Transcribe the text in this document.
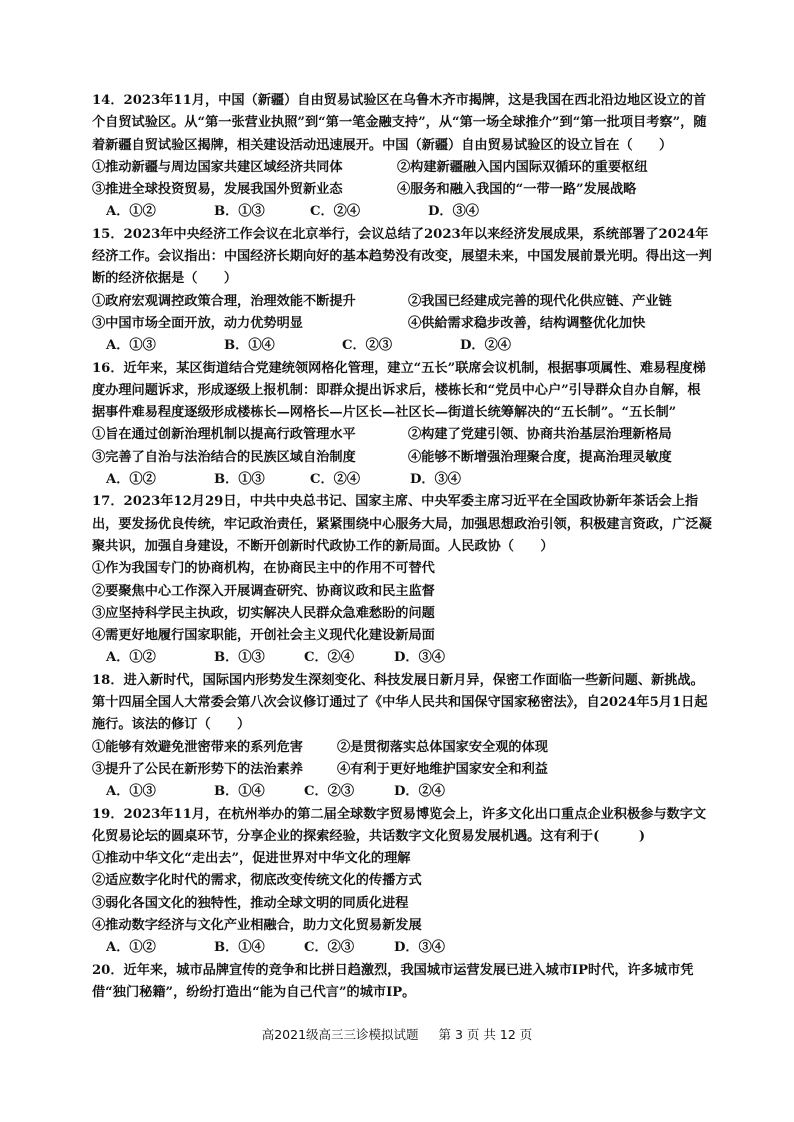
14．2023年11月，中国（新疆）自由贸易试验区在乌鲁木齐市揭牌，这是我国在西北沿边地区设立的首个自贸试验区。从“第一张营业执照”到“第一笔金融支持”，从“第一场全球推介”到“第一批项目考察”，随着新疆自贸试验区揭牌，相关建设活动迅速展开。中国（新疆）自由贸易试验区的设立旨在（　　）

①推动新疆与周边国家共建区域经济共同体	②构建新疆融入国内国际双循环的重要枢纽
③推进全球投资贸易，发展我国外贸新业态	④服务和融入我国的“一带一路”发展战略
A．①②	B．①③	C．②④	D．③④

15．2023年中央经济工作会议在北京举行，会议总结了2023年以来经济发展成果，系统部署了2024年经济工作。会议指出：中国经济长期向好的基本趋势没有改变，展望未来，中国发展前景光明。得出这一判断的经济依据是（　　）

①政府宏观调控政策合理，治理效能不断提升	②我国已经建成完善的现代化供应链、产业链
③中国市场全面开放，动力优势明显	④供給需求稳步改善，结构调整优化加快
A．①③	B．①④	C．②③	D．②④

16．近年来，某区街道结合党建统领网格化管理，建立“五长”联席会议机制，根据事项属性、难易程度梯度办理问题诉求，形成逐级上报机制：即群众提出诉求后，楼栋长和“党员中心户”引导群众自办自解，根据事件难易程度逐级形成楼栋长—网格长—片区长—社区长—街道长统筹解决的“五长制”。“五长制”

①旨在通过创新治理机制以提高行政管理水平	②构建了党建引领、协商共治基层治理新格局
③完善了自治与法治结合的民族区域自治制度	④能够不断增强治理聚合度，提高治理灵敏度
A．①②	B．①③	C．②④	D．③④

17．2023年12月29日，中共中央总书记、国家主席、中央军委主席习近平在全国政协新年茶话会上指出，要发扬优良传统，牢记政治责任，紧紧围绕中心服务大局，加强思想政治引领，积极建言资政，广泛凝聚共识，加强自身建设，不断开创新时代政协工作的新局面。人民政协（　　）

①作为我国专门的协商机构，在协商民主中的作用不可替代

②要聚焦中心工作深入开展调查研究、协商议政和民主监督

③应坚持科学民主执政，切实解决人民群众急难愁盼的问题

④需更好地履行国家职能，开创社会主义现代化建设新局面

A．①②	B．①③	C．②④	D．③④

18．进入新时代，国际国内形势发生深刻变化、科技发展日新月异，保密工作面临一些新问题、新挑战。第十四届全国人大常委会第八次会议修订通过了《中华人民共和国保守国家秘密法》，自2024年5月1日起施行。该法的修订（　　）

①能够有效避免泄密带来的系列危害	②是贯彻落实总体国家安全观的体现
③提升了公民在新形势下的法治素养	④有利于更好地维护国家安全和利益
A．①③	B．①④	C．②③	D．②④

19．2023年11月，在杭州举办的第二届全球数字贸易博览会上，许多文化出口重点企业积极参与数字文化贸易论坛的圆桌环节，分享企业的探索经验，共话数字文化贸易发展机遇。这有利于(　　　)

①推动中华文化“走出去”，促进世界对中华文化的理解

②适应数字化时代的需求，彻底改变传统文化的传播方式

③弱化各国文化的独特性，推动全球文明的同质化进程

④推动数字经济与文化产业相融合，助力文化贸易新发展

A．①②	B．①④	C．②③	D．③④

20．近年来，城市品牌宣传的竞争和比拼日趋激烈，我国城市运营发展已进入城市IP时代，许多城市凭借“独门秘籍”，纷纷打造出“能为自己代言”的城市IP。

高2021级高三三诊模拟试题 第 3 页 共 12 页
